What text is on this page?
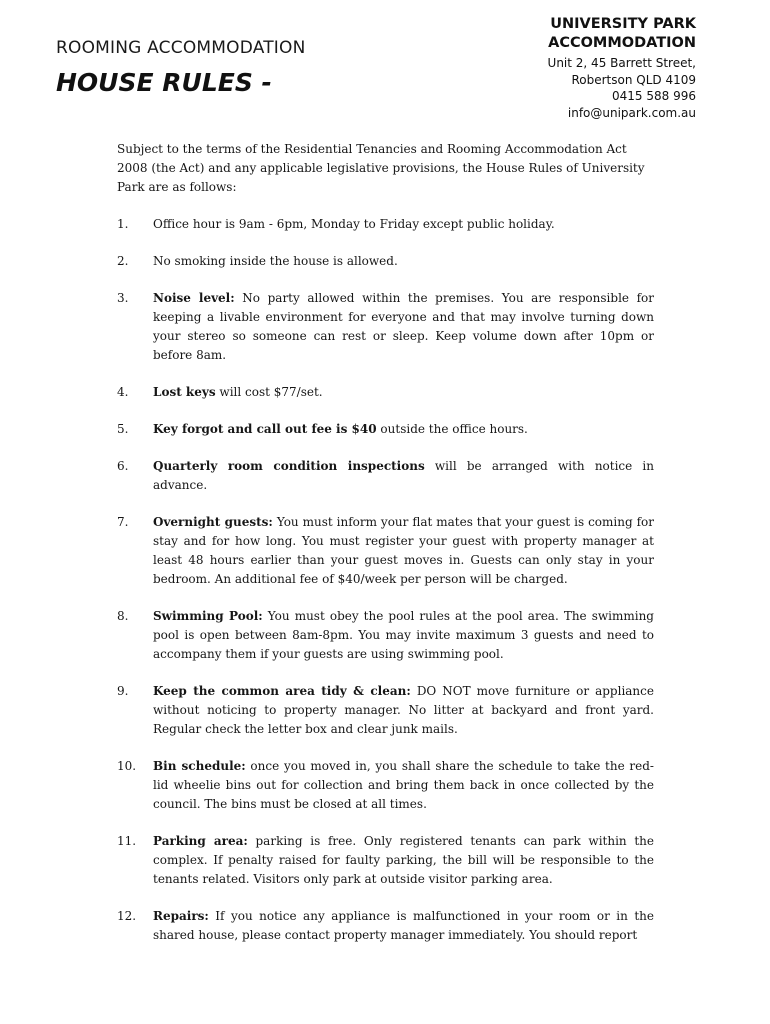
ROOMING ACCOMMODATION
HOUSE RULES -
UNIVERSITY PARK
ACCOMMODATION
Unit 2, 45 Barrett Street,
Robertson QLD 4109
0415 588 996
info@unipark.com.au

Subject to the terms of the Residential Tenancies and Rooming Accommodation Act 2008 (the Act) and any applicable legislative provisions, the House Rules of University Park are as follows:

1. Office hour is 9am - 6pm, Monday to Friday except public holiday.
2. No smoking inside the house is allowed.
3. Noise level: No party allowed within the premises. You are responsible for keeping a livable environment for everyone and that may involve turning down your stereo so someone can rest or sleep. Keep volume down after 10pm or before 8am.
4. Lost keys will cost $77/set.
5. Key forgot and call out fee is $40 outside the office hours.
6. Quarterly room condition inspections will be arranged with notice in advance.
7. Overnight guests: You must inform your flat mates that your guest is coming for stay and for how long. You must register your guest with property manager at least 48 hours earlier than your guest moves in. Guests can only stay in your bedroom. An additional fee of $40/week per person will be charged.
8. Swimming Pool: You must obey the pool rules at the pool area. The swimming pool is open between 8am-8pm. You may invite maximum 3 guests and need to accompany them if your guests are using swimming pool.
9. Keep the common area tidy & clean: DO NOT move furniture or appliance without noticing to property manager. No litter at backyard and front yard. Regular check the letter box and clear junk mails.
10. Bin schedule: once you moved in, you shall share the schedule to take the red-lid wheelie bins out for collection and bring them back in once collected by the council. The bins must be closed at all times.
11. Parking area: parking is free. Only registered tenants can park within the complex. If penalty raised for faulty parking, the bill will be responsible to the tenants related. Visitors only park at outside visitor parking area.
12. Repairs: If you notice any appliance is malfunctioned in your room or in the shared house, please contact property manager immediately. You should report
